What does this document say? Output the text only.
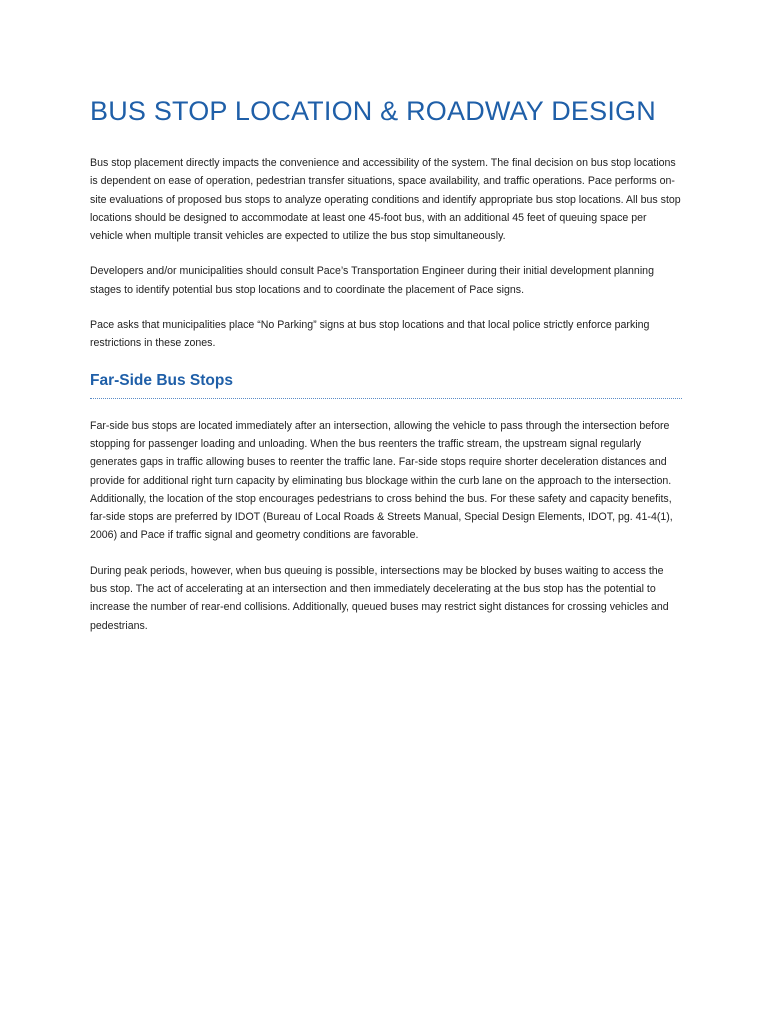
BUS STOP LOCATION & ROADWAY DESIGN

Bus stop placement directly impacts the convenience and accessibility of the system. The final decision on bus stop locations is dependent on ease of operation, pedestrian transfer situations, space availability, and traffic operations. Pace performs on-site evaluations of proposed bus stops to analyze operating conditions and identify appropriate bus stop locations. All bus stop locations should be designed to accommodate at least one 45-foot bus, with an additional 45 feet of queuing space per vehicle when multiple transit vehicles are expected to utilize the bus stop simultaneously.

Developers and/or municipalities should consult Pace’s Transportation Engineer during their initial development planning stages to identify potential bus stop locations and to coordinate the placement of Pace signs.

Pace asks that municipalities place “No Parking” signs at bus stop locations and that local police strictly enforce parking restrictions in these zones.

Far-Side Bus Stops

Far-side bus stops are located immediately after an intersection, allowing the vehicle to pass through the intersection before stopping for passenger loading and unloading. When the bus reenters the traffic stream, the upstream signal regularly generates gaps in traffic allowing buses to reenter the traffic lane. Far-side stops require shorter deceleration distances and provide for additional right turn capacity by eliminating bus blockage within the curb lane on the approach to the intersection. Additionally, the location of the stop encourages pedestrians to cross behind the bus. For these safety and capacity benefits, far-side stops are preferred by IDOT (Bureau of Local Roads & Streets Manual, Special Design Elements, IDOT, pg. 41-4(1), 2006) and Pace if traffic signal and geometry conditions are favorable.

During peak periods, however, when bus queuing is possible, intersections may be blocked by buses waiting to access the bus stop. The act of accelerating at an intersection and then immediately decelerating at the bus stop has the potential to increase the number of rear-end collisions. Additionally, queued buses may restrict sight distances for crossing vehicles and pedestrians.
